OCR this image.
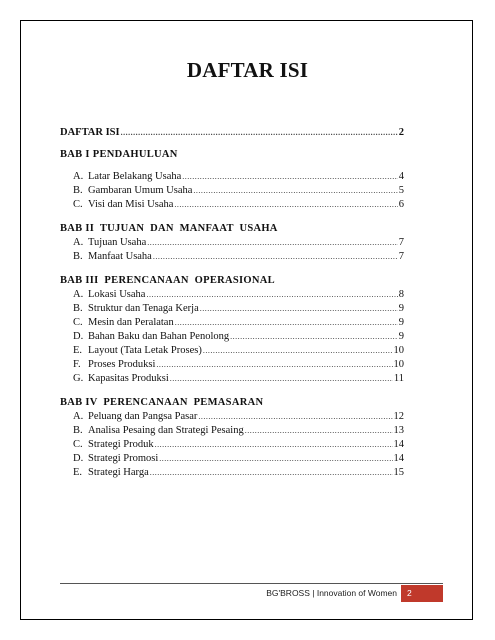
DAFTAR ISI
DAFTAR ISI .....	2
BAB I PENDAHULUAN
A. Latar Belakang Usaha .....	4
B. Gambaran Umum Usaha .....	5
C. Visi dan Misi Usaha .....	6
BAB II  TUJUAN  DAN  MANFAAT  USAHA
A. Tujuan Usaha .....	7
B. Manfaat Usaha .....	7
BAB III  PERENCANAAN  OPERASIONAL
A. Lokasi Usaha .....	8
B. Struktur dan Tenaga Kerja .....	9
C. Mesin dan Peralatan .....	9
D. Bahan Baku dan Bahan Penolong .....	9
E. Layout (Tata Letak Proses) .....	10
F. Proses Produksi .....	10
G. Kapasitas Produksi .....	11
BAB IV  PERENCANAAN  PEMASARAN
A. Peluang dan Pangsa Pasar .....	12
B. Analisa Pesaing dan Strategi Pesaing .....	13
C. Strategi Produk .....	14
D. Strategi Promosi .....	14
E. Strategi Harga .....	15
BG'BROSS | Innovation of Women	2
